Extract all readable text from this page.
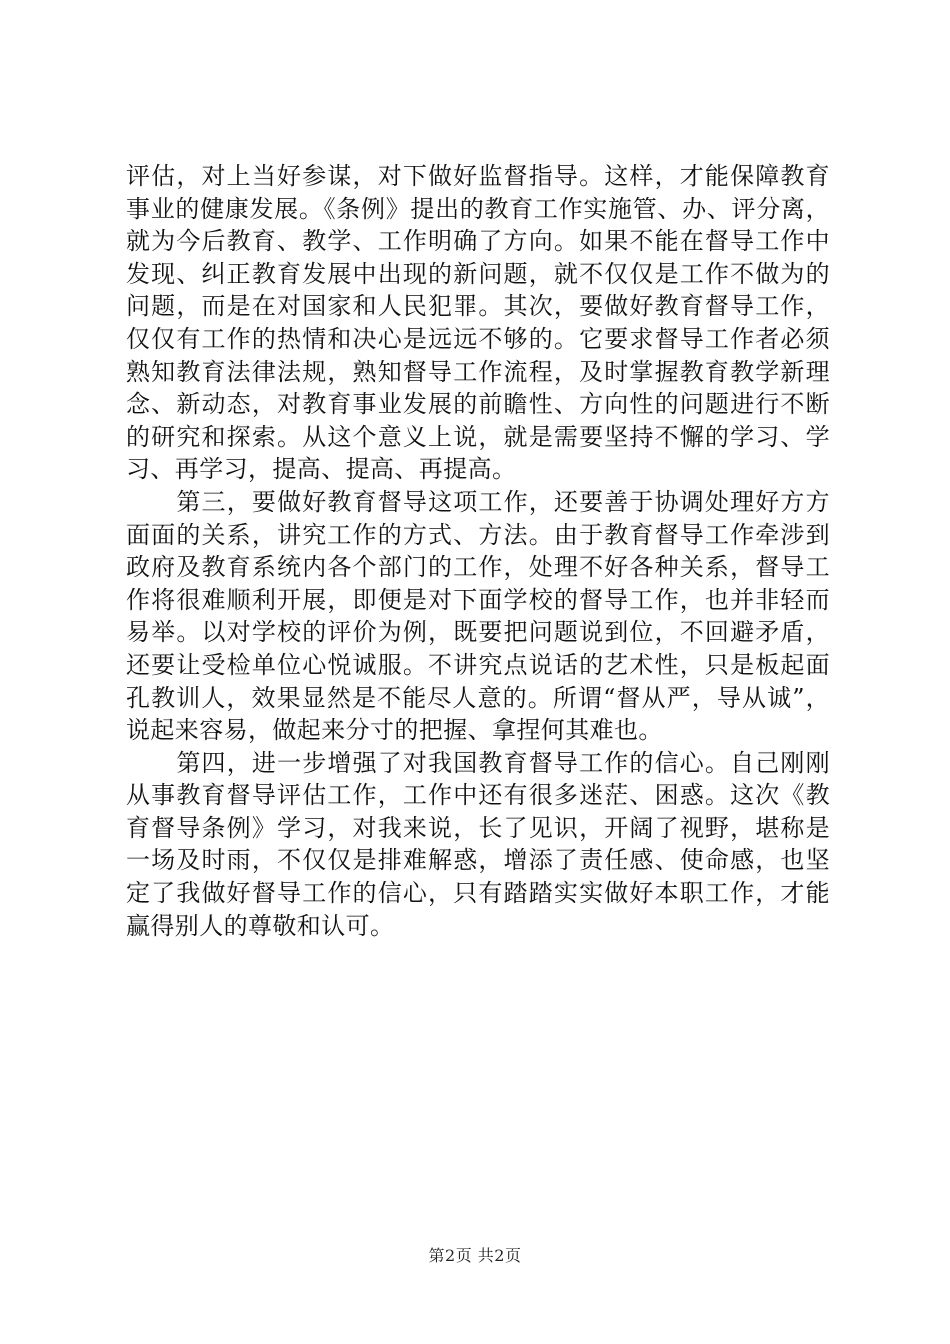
评估，对上当好参谋，对下做好监督指导。这样，才能保障教育事业的健康发展。《条例》提出的教育工作实施管、办、评分离，就为今后教育、教学、工作明确了方向。如果不能在督导工作中发现、纠正教育发展中出现的新问题，就不仅仅是工作不做为的问题，而是在对国家和人民犯罪。其次，要做好教育督导工作，仅仅有工作的热情和决心是远远不够的。它要求督导工作者必须熟知教育法律法规，熟知督导工作流程，及时掌握教育教学新理念、新动态，对教育事业发展的前瞻性、方向性的问题进行不断的研究和探索。从这个意义上说，就是需要坚持不懈的学习、学习、再学习，提高、提高、再提高。

第三，要做好教育督导这项工作，还要善于协调处理好方方面面的关系，讲究工作的方式、方法。由于教育督导工作牵涉到政府及教育系统内各个部门的工作，处理不好各种关系，督导工作将很难顺利开展，即便是对下面学校的督导工作，也并非轻而易举。以对学校的评价为例，既要把问题说到位，不回避矛盾，还要让受检单位心悦诚服。不讲究点说话的艺术性，只是板起面孔教训人，效果显然是不能尽人意的。所谓“督从严，导从诚”，说起来容易，做起来分寸的把握、拿捏何其难也。

第四，进一步增强了对我国教育督导工作的信心。自己刚刚从事教育督导评估工作，工作中还有很多迷茫、困惑。这次《教育督导条例》学习，对我来说，长了见识，开阔了视野，堪称是一场及时雨，不仅仅是排难解惑，增添了责任感、使命感，也坚定了我做好督导工作的信心，只有踏踏实实做好本职工作，才能赢得别人的尊敬和认可。

第2页 共2页
